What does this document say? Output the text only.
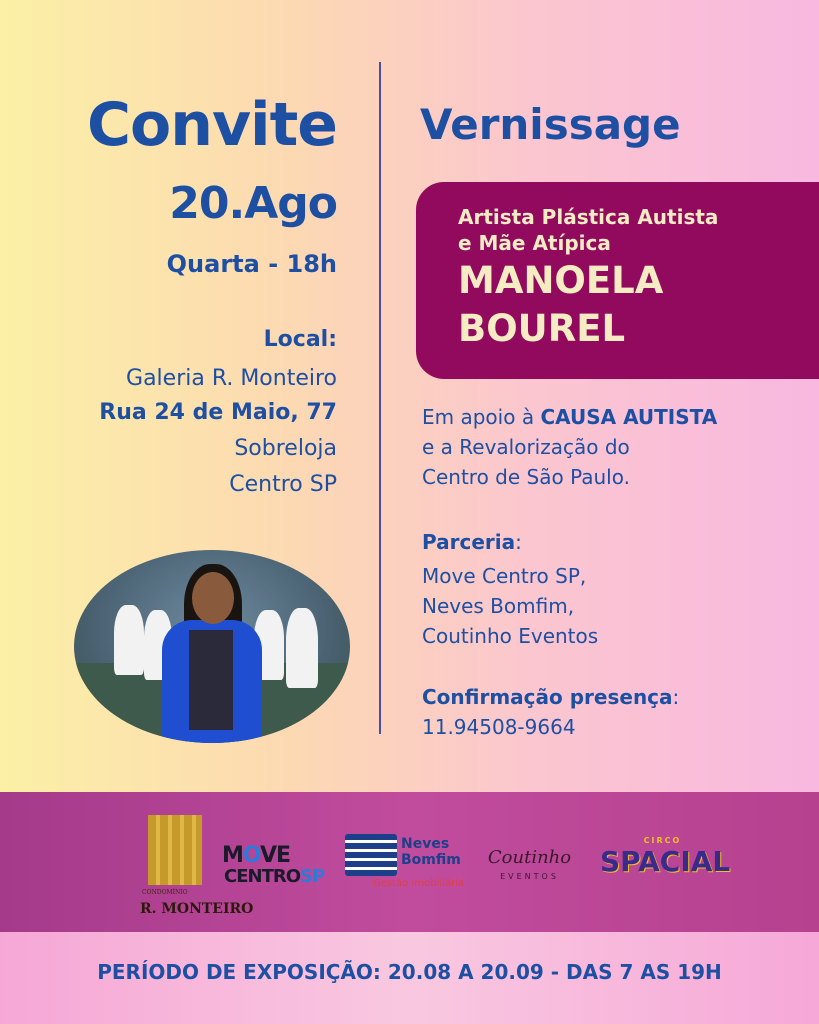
Convite
20.Ago
Quarta - 18h
Local:
Galeria R. Monteiro
Rua 24 de Maio, 77
Sobreloja
Centro SP
Vernissage
Artista Plástica Autista
e Mãe Atípica
MANOELA
BOUREL
Em apoio à CAUSA AUTISTA
e a Revalorização do
Centro de São Paulo.
Parceria:
Move Centro SP,
Neves Bomfim,
Coutinho Eventos
Confirmação presença:
11.94508-9664
CONDOMÍNIO
R. MONTEIRO
MOVE
CENTROSP
Neves
Bomfim
Gestão Imobiliária
Coutinho
EVENTOS
CIRCO
SPACIAL
PERÍODO DE EXPOSIÇÃO: 20.08 A 20.09 - DAS 7 AS 19H
